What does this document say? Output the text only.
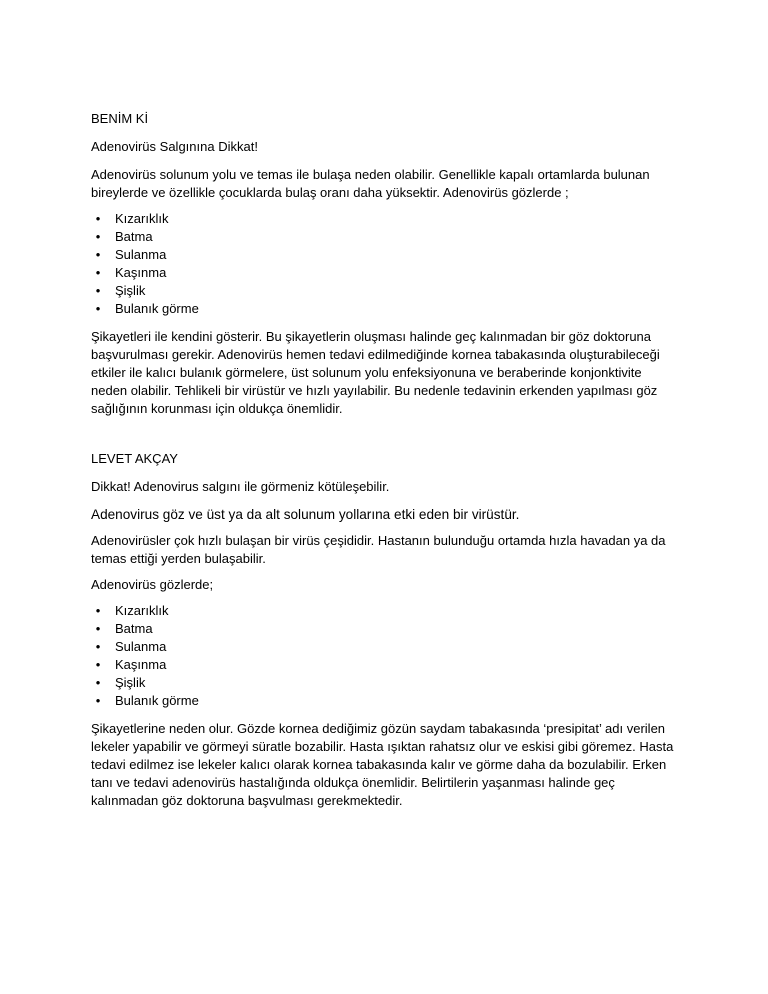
BENİM Kİ

Adenovirüs Salgınına Dikkat!

Adenovirüs solunum yolu ve temas ile bulaşa neden olabilir. Genellikle kapalı ortamlarda bulunan bireylerde ve özellikle çocuklarda bulaş oranı daha yüksektir. Adenovirüs gözlerde ;

• Kızarıklık
• Batma
• Sulanma
• Kaşınma
• Şişlik
• Bulanık görme

Şikayetleri ile kendini gösterir. Bu şikayetlerin oluşması halinde geç kalınmadan bir göz doktoruna başvurulması gerekir. Adenovirüs hemen tedavi edilmediğinde kornea tabakasında oluşturabileceği etkiler ile kalıcı bulanık görmelere, üst solunum yolu enfeksiyonuna ve beraberinde konjonktivite neden olabilir. Tehlikeli bir virüstür ve hızlı yayılabilir. Bu nedenle tedavinin erkenden yapılması göz sağlığının korunması için oldukça önemlidir.

LEVET AKÇAY

Dikkat! Adenovirus salgını ile görmeniz kötüleşebilir.

Adenovirus göz ve üst ya da alt solunum yollarına etki eden bir virüstür.

Adenovirüsler çok hızlı bulaşan bir virüs çeşididir. Hastanın bulunduğu ortamda hızla havadan ya da temas ettiği yerden bulaşabilir.

Adenovirüs gözlerde;

• Kızarıklık
• Batma
• Sulanma
• Kaşınma
• Şişlik
• Bulanık görme

Şikayetlerine neden olur. Gözde kornea dediğimiz gözün saydam tabakasında ‘presipitat’ adı verilen lekeler yapabilir ve görmeyi süratle bozabilir. Hasta ışıktan rahatsız olur ve eskisi gibi göremez. Hasta tedavi edilmez ise lekeler kalıcı olarak kornea tabakasında kalır ve görme daha da bozulabilir. Erken tanı ve tedavi adenovirüs hastalığında oldukça önemlidir. Belirtilerin yaşanması halinde geç kalınmadan göz doktoruna başvulması gerekmektedir.
